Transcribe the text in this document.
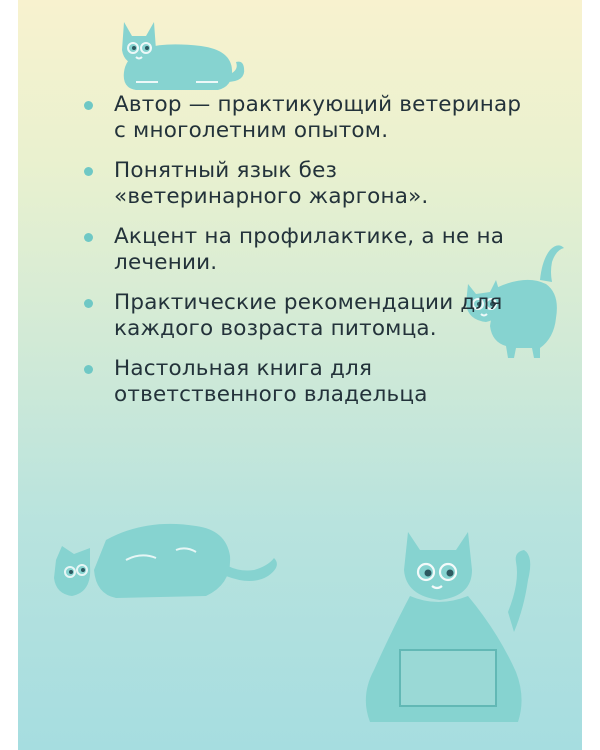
Автор — практикующий ветеринар с многолетним опытом.
Понятный язык без «ветеринарного жаргона».
Акцент на профилактике, а не на лечении.
Практические рекомендации для каждого возраста питомца.
Настольная книга для ответственного владельца
